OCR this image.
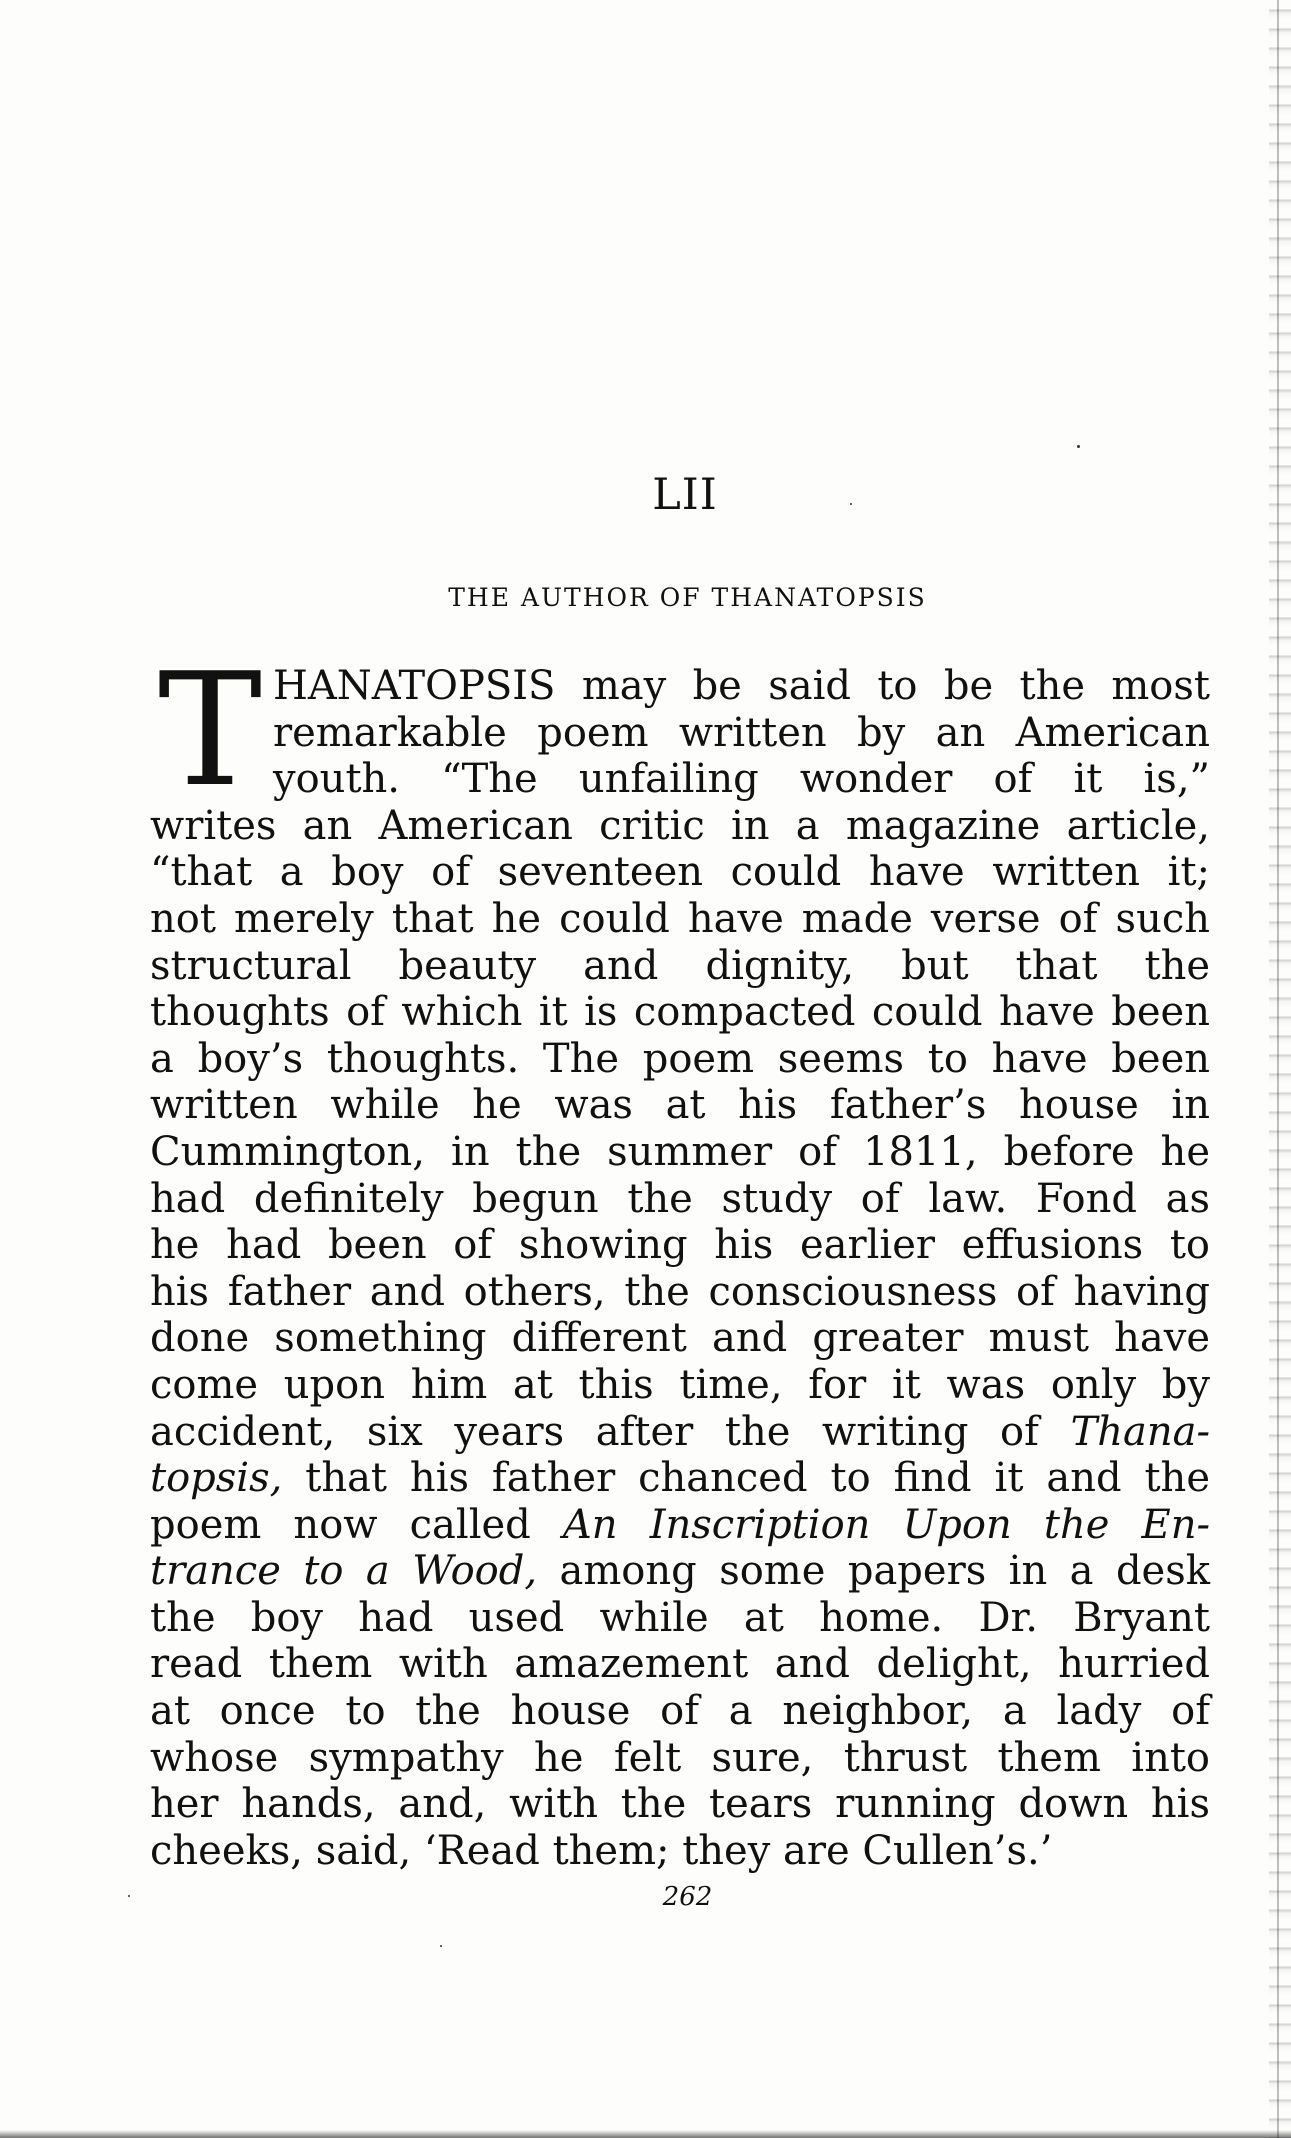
LII
THE AUTHOR OF THANATOPSIS
T HANATOPSIS may be said to be the most
remarkable poem written by an American
youth. “The unfailing wonder of it is,”
writes an American critic in a magazine article,
“that a boy of seventeen could have written it;
not merely that he could have made verse of such
structural beauty and dignity, but that the
thoughts of which it is compacted could have been
a boy’s thoughts. The poem seems to have been
written while he was at his father’s house in
Cummington, in the summer of 1811, before he
had definitely begun the study of law. Fond as
he had been of showing his earlier effusions to
his father and others, the consciousness of having
done something different and greater must have
come upon him at this time, for it was only by
accident, six years after the writing of Thana-
topsis, that his father chanced to find it and the
poem now called An Inscription Upon the En-
trance to a Wood, among some papers in a desk
the boy had used while at home. Dr. Bryant
read them with amazement and delight, hurried
at once to the house of a neighbor, a lady of
whose sympathy he felt sure, thrust them into
her hands, and, with the tears running down his
cheeks, said, ‘Read them; they are Cullen’s.’
262
